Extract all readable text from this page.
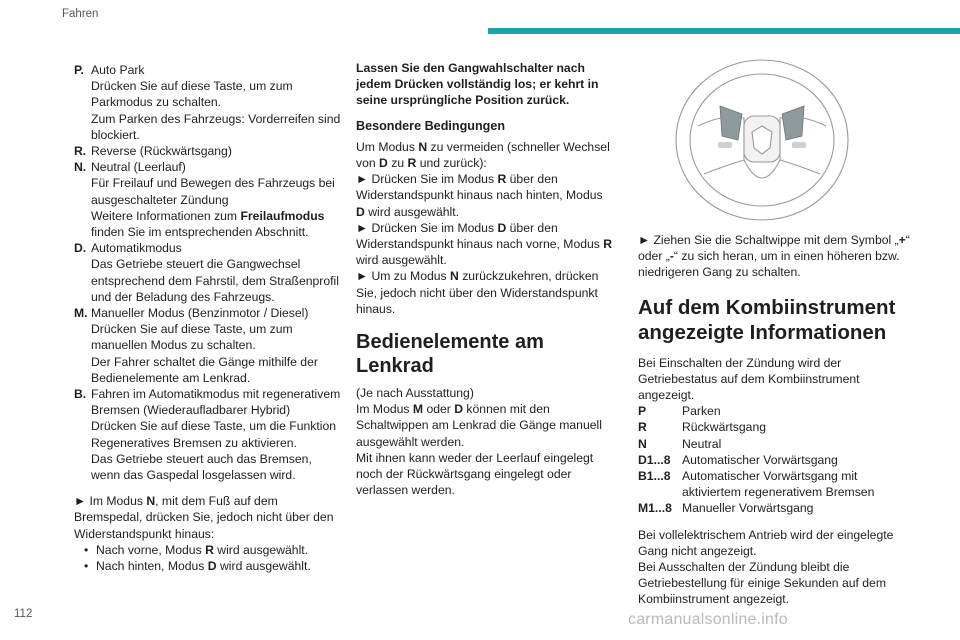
Fahren
P. Auto Park
Drücken Sie auf diese Taste, um zum Parkmodus zu schalten.
Zum Parken des Fahrzeugs: Vorderreifen sind blockiert.
R. Reverse (Rückwärtsgang)
N. Neutral (Leerlauf)
Für Freilauf und Bewegen des Fahrzeugs bei ausgeschalteter Zündung
Weitere Informationen zum Freilaufmodus finden Sie im entsprechenden Abschnitt.
D. Automatikmodus
Das Getriebe steuert die Gangwechsel entsprechend dem Fahrstil, dem Straßenprofil und der Beladung des Fahrzeugs.
M. Manueller Modus (Benzinmotor / Diesel)
Drücken Sie auf diese Taste, um zum manuellen Modus zu schalten.
Der Fahrer schaltet die Gänge mithilfe der Bedienelemente am Lenkrad.
B. Fahren im Automatikmodus mit regenerativem Bremsen (Wiederaufladbarer Hybrid)
Drücken Sie auf diese Taste, um die Funktion Regeneratives Bremsen zu aktivieren.
Das Getriebe steuert auch das Bremsen, wenn das Gaspedal losgelassen wird.
► Im Modus N, mit dem Fuß auf dem Bremspedal, drücken Sie, jedoch nicht über den Widerstandspunkt hinaus:
• Nach vorne, Modus R wird ausgewählt.
• Nach hinten, Modus D wird ausgewählt.
Lassen Sie den Gangwahlschalter nach jedem Drücken vollständig los; er kehrt in seine ursprüngliche Position zurück.
Besondere Bedingungen
Um Modus N zu vermeiden (schneller Wechsel von D zu R und zurück):
► Drücken Sie im Modus R über den Widerstandspunkt hinaus nach hinten, Modus D wird ausgewählt.
► Drücken Sie im Modus D über den Widerstandspunkt hinaus nach vorne, Modus R wird ausgewählt.
► Um zu Modus N zurückzukehren, drücken Sie, jedoch nicht über den Widerstandspunkt hinaus.
Bedienelemente am Lenkrad
(Je nach Ausstattung)
Im Modus M oder D können mit den Schaltwippen am Lenkrad die Gänge manuell ausgewählt werden.
Mit ihnen kann weder der Leerlauf eingelegt noch der Rückwärtsgang eingelegt oder verlassen werden.
► Ziehen Sie die Schaltwippe mit dem Symbol „+“ oder „-“ zu sich heran, um in einen höheren bzw. niedrigeren Gang zu schalten.
Auf dem Kombiinstrument angezeigte Informationen
Bei Einschalten der Zündung wird der Getriebestatus auf dem Kombiinstrument angezeigt.
P	Parken
R	Rückwärtsgang
N	Neutral
D1...8 Automatischer Vorwärtsgang
B1...8 Automatischer Vorwärtsgang mit aktiviertem regenerativem Bremsen
M1...8 Manueller Vorwärtsgang
Bei vollelektrischem Antrieb wird der eingelegte Gang nicht angezeigt.
Bei Ausschalten der Zündung bleibt die Getriebestellung für einige Sekunden auf dem Kombiinstrument angezeigt.
112	carmanualsonline.info
